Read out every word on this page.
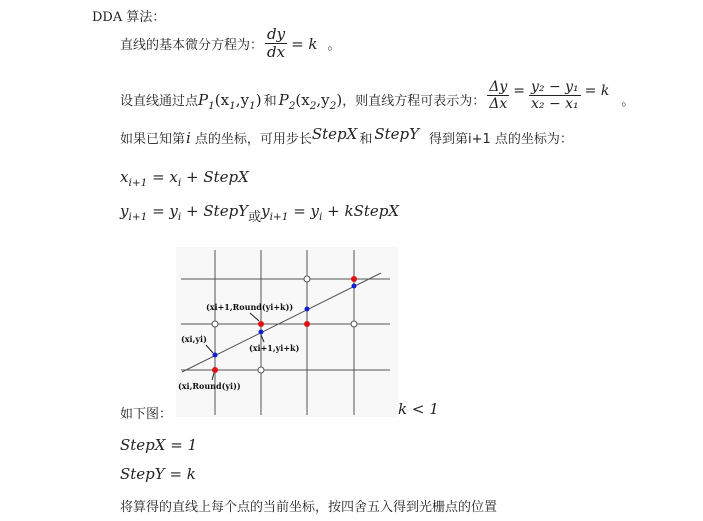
DDA 算法：
直线的基本微分方程为： $\frac{dy}{dx} = k$ 。
设直线通过点 $P_1(x_1,y_1)$ 和 $P_2(x_2,y_2)$ ，则直线方程可表示为： $\frac{\Delta y}{\Delta x} = \frac{\text{y₂ − y₁}}{\text{x₂ − x₁}} = k$
。
如果已知第 i 点的坐标，可用步长 StepX 和 StepY 得到第i+1 点的坐标为：
$x_{i+1} = x_i$ + StepX
$y_{i+1} = y_i$ + StepY或$y_{i+1} = y_i$ + kStepX
(xi+1,Round(yi+k))
(xi,yi)
(xi+1,yi+k)
(xi,Round(yi))
如下图：	k < 1
StepX = 1
StepY = k
将算得的直线上每个点的当前坐标，按四舍五入得到光栅点的位置
